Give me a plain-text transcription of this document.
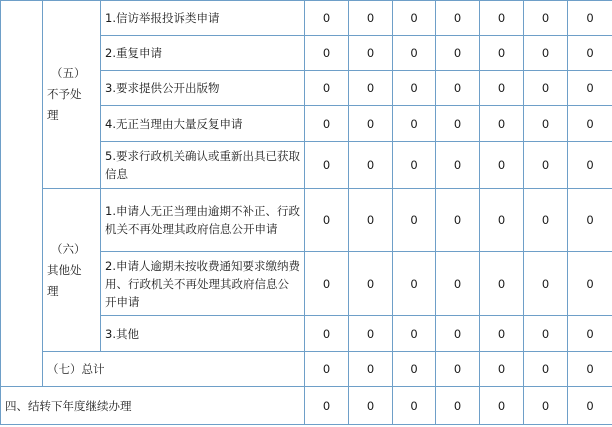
	（五）
不予处
理	1.信访举报投诉类申请	0	0	0	0	0	0	0
		2.重复申请	0	0	0	0	0	0	0
		3.要求提供公开出版物	0	0	0	0	0	0	0
		4.无正当理由大量反复申请	0	0	0	0	0	0	0
		5.要求行政机关确认或重新出具已获取信息	0	0	0	0	0	0	0

	（六）
其他处
理	1.申请人无正当理由逾期不补正、行政机关不再处理其政府信息公开申请	0	0	0	0	0	0	0
		2.申请人逾期未按收费通知要求缴纳费用、行政机关不再处理其政府信息公开申请	0	0	0	0	0	0	0
		3.其他	0	0	0	0	0	0	0
	（七）总计		0	0	0	0	0	0	0
四、结转下年度继续办理			0	0	0	0	0	0	0
